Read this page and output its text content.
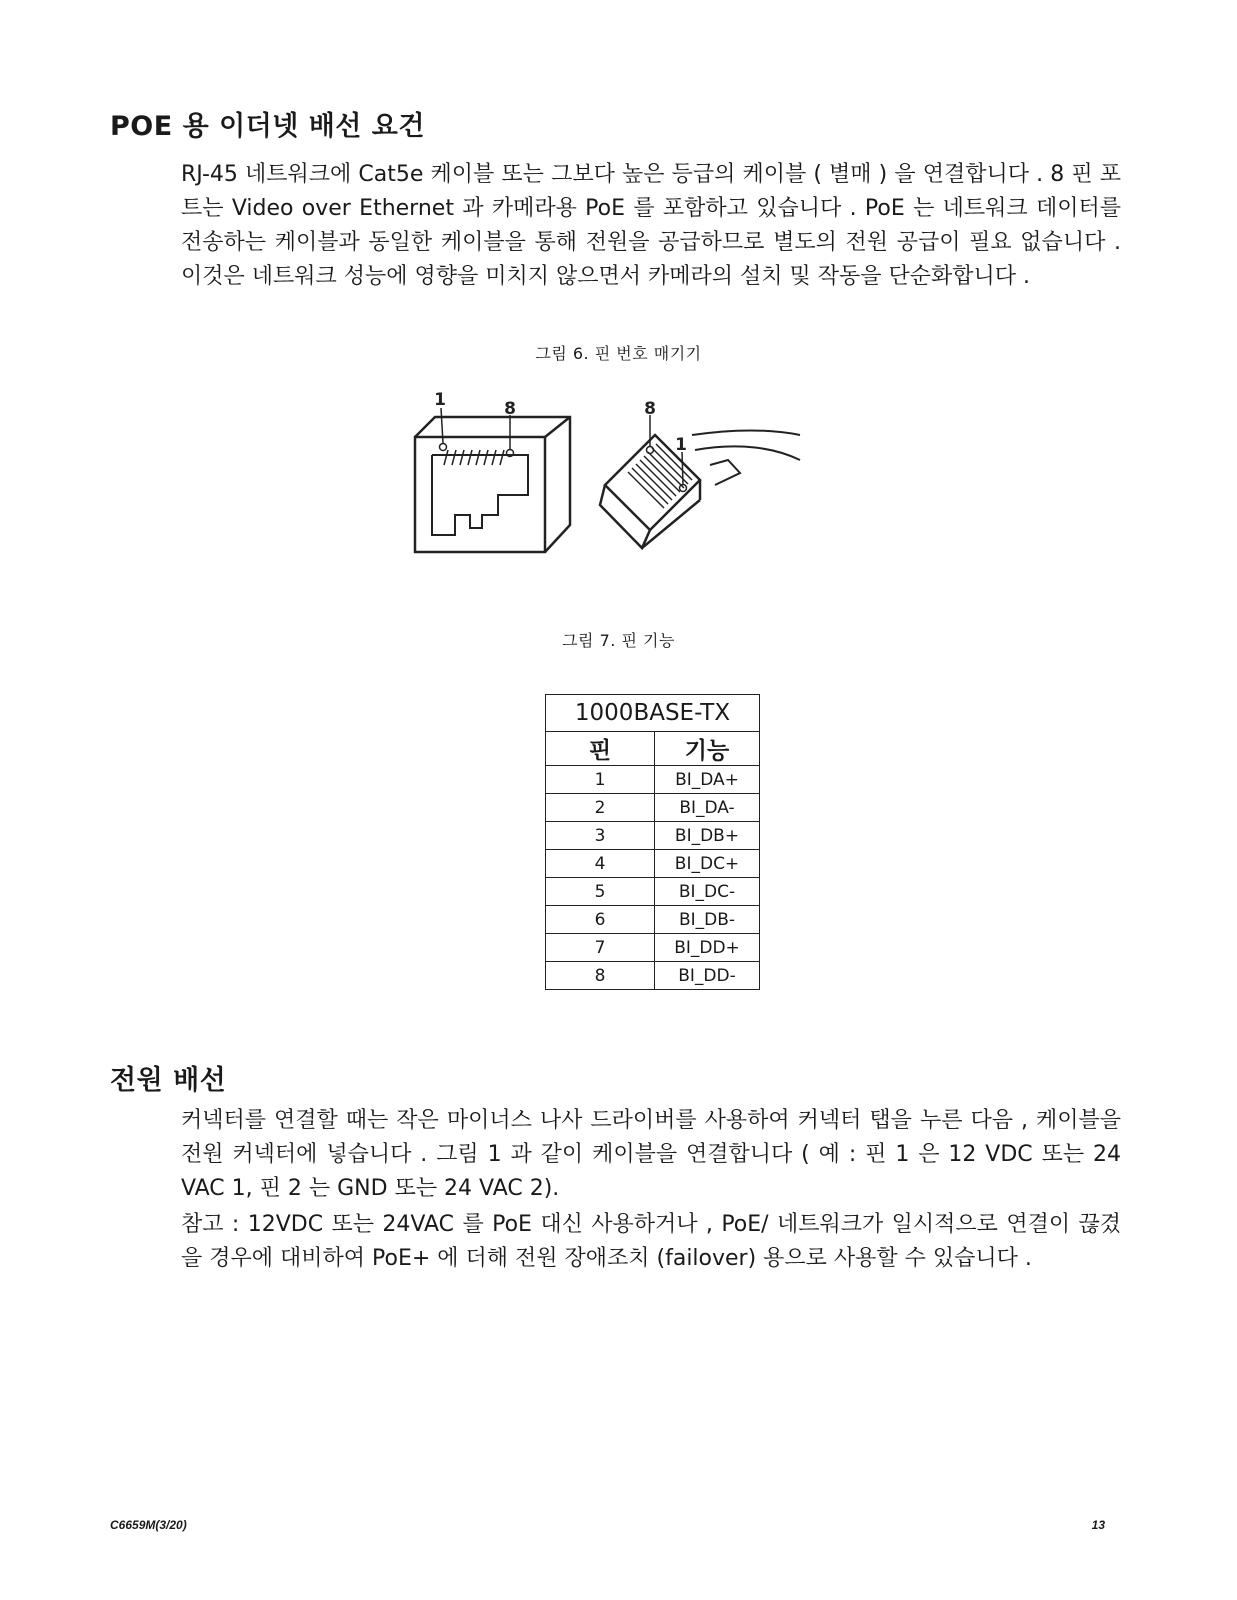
POE 용 이더넷 배선 요건

RJ-45 네트워크에 Cat5e 케이블 또는 그보다 높은 등급의 케이블 ( 별매 ) 을 연결합니다 . 8 핀 포트는 Video over Ethernet 과 카메라용 PoE 를 포함하고 있습니다 . PoE 는 네트워크 데이터를 전송하는 케이블과 동일한 케이블을 통해 전원을 공급하므로 별도의 전원 공급이 필요 없습니다 . 이것은 네트워크 성능에 영향을 미치지 않으면서 카메라의 설치 및 작동을 단순화합니다 .

그림 6. 핀 번호 매기기
1	8	8
1
그림 7. 핀 기능
1000BASE-TX	
핀	기능
1	BI_DA+
2	BI_DA-
3	BI_DB+
4	BI_DC+
5	BI_DC-
6	BI_DB-
7	BI_DD+
8	BI_DD-
전원 배선

커넥터를 연결할 때는 작은 마이너스 나사 드라이버를 사용하여 커넥터 탭을 누른 다음 , 케이블을 전원 커넥터에 넣습니다 . 그림 1 과 같이 케이블을 연결합니다 ( 예 : 핀 1 은 12 VDC 또는 24 VAC 1, 핀 2 는 GND 또는 24 VAC 2).

참고 : 12VDC 또는 24VAC 를 PoE 대신 사용하거나 , PoE/ 네트워크가 일시적으로 연결이 끊겼을 경우에 대비하여 PoE+ 에 더해 전원 장애조치 (failover) 용으로 사용할 수 있습니다 .

C6659M(3/20)	13
